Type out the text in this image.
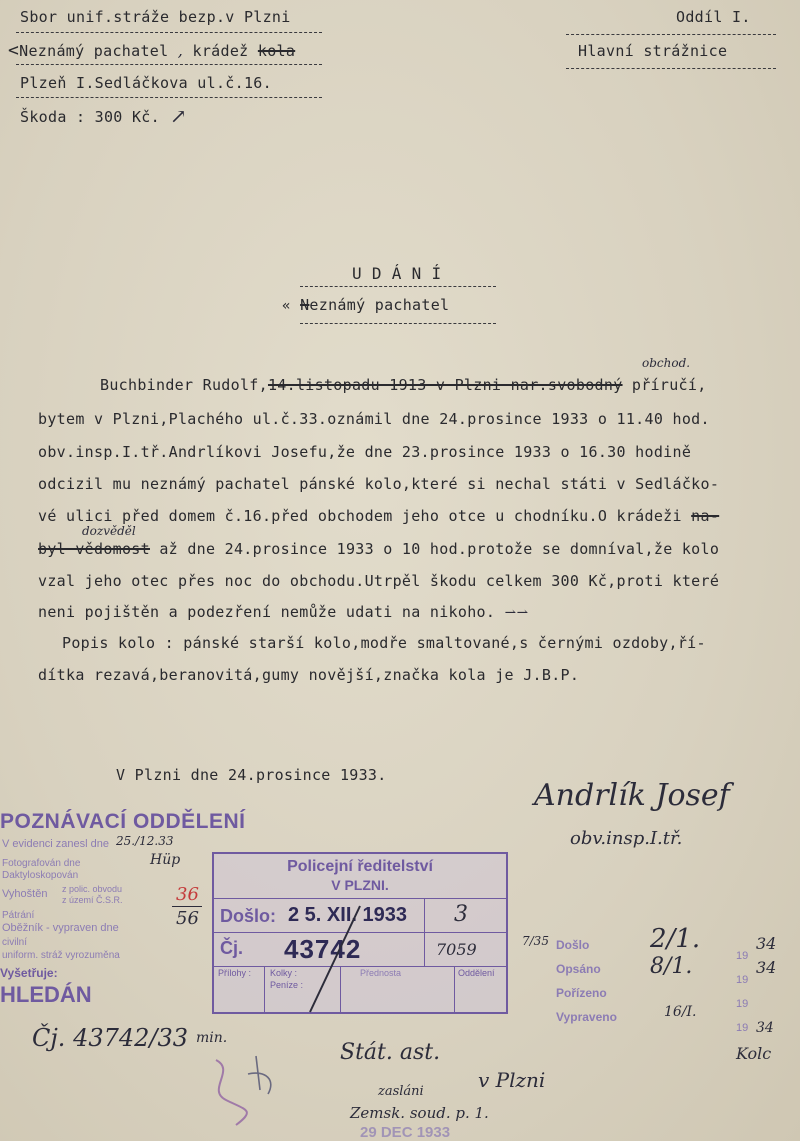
Sbor unif.stráže bezp.v Plzni
<Neznámý pachatel , krádež kola
Plzeň I.Sedláčkova ul.č.16.
Škoda : 300 Kč. ↗
Oddíl I.
Hlavní strážnice
U D Á N Í
« Neznámý pachatel
Buchbinder Rudolf,14.listopadu 1913 v Plzni nar.svobodný příručí,
obchod.
bytem v Plzni,Plachého ul.č.33.oznámil dne 24.prosince 1933 o 11.40 hod.
obv.insp.I.tř.Andrlíkovi Josefu,že dne 23.prosince 1933 o 16.30 hodině
odcizil mu neznámý pachatel pánské kolo,které si nechal státi v Sedláčko-
vé ulici před domem č.16.před obchodem jeho otce u chodníku.O krádeži na-
dozvěděl
byl vědomost až dne 24.prosince 1933 o 10 hod.protože se domníval,že kolo
vzal jeho otec přes noc do obchodu.Utrpěl škodu celkem 300 Kč,proti které
neni pojištěn a podezření nemůže udati na nikoho. ⇀⇀
Popis kolo : pánské starší kolo,modře smaltované,s černými ozdoby,ří-
dítka rezavá,beranovitá,gumy novější,značka kola je J.B.P.
V Plzni dne 24.prosince 1933.
Andrlík Josef
obv.insp.I.tř.
POZNÁVACÍ ODDĚLENÍ
V evidenci zanesl dne 25./12.33
Fotografován dne
Daktyloskopován
Vyhoštěn z polic. obvodu
z území Č.S.R.
Pátrání
Oběžník - vypraven dne
civilní
uniform. stráž vyrozuměna
Vyšetřuje:
HLEDÁN
Hüp
36
56
Policejní ředitelství
V PLZNI.
Došlo: 2 5. XII. 1933 3
Čj. 43742	7059
Přílohy : Kolky :
Peníze :
Přednosta	Oddělení
Došlo
Opsáno
Pořízeno
Vypraveno
19
19
19
19
2/1.
8/1.
16/I.
34
34
34
7/35
Kolc
Čj. 43742/33 min.
Stát. ast.
v Plzni
zasláni
Zemsk. soud. p. 1.
29 DEC 1933
